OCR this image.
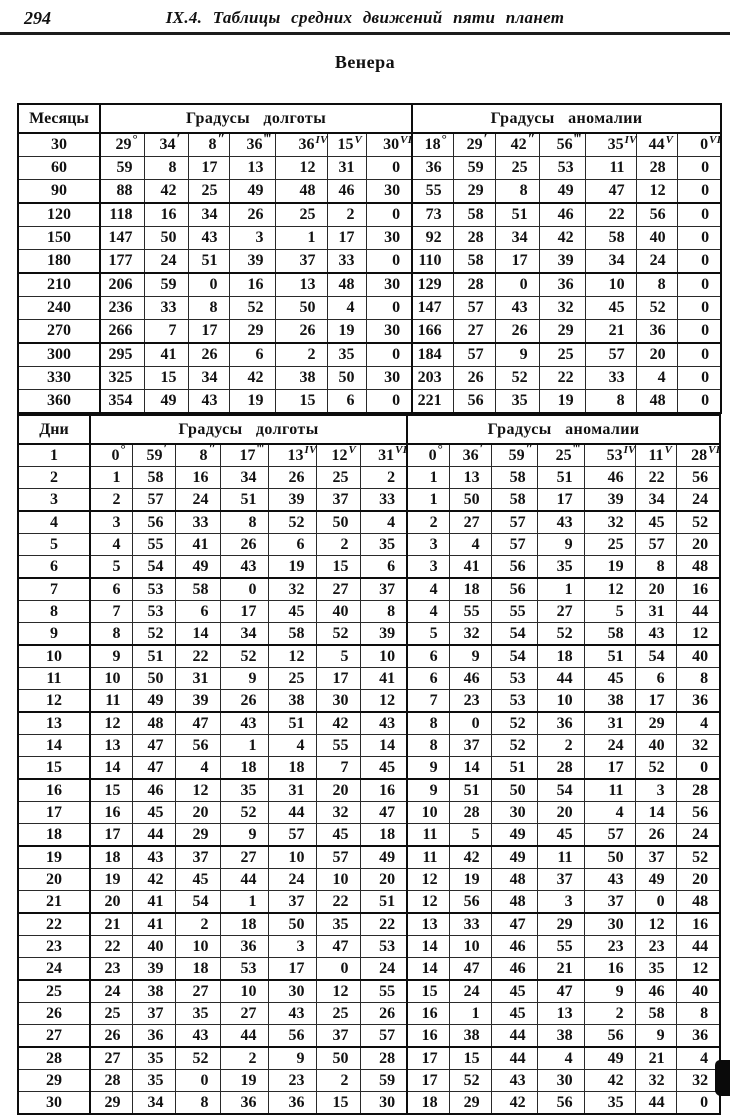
294	IX.4. Таблицы средних движений пяти планет
Венера
Месяцы	Градусы долготы							Градусы аномалии						
30	29°	34′	8″	36‴	$36^{IV}$	$15^V$	$30^{VI}$	18°	29′	42″	56‴	$35^{IV}$	$44^V$	$0^{VI}$
60	59	8	17	13	12	31	0	36	59	25	53	11	28	0
90	88	42	25	49	48	46	30	55	29	8	49	47	12	0
120	118	16	34	26	25	2	0	73	58	51	46	22	56	0
150	147	50	43	3	1	17	30	92	28	34	42	58	40	0
180	177	24	51	39	37	33	0	110	58	17	39	34	24	0
210	206	59	0	16	13	48	30	129	28	0	36	10	8	0
240	236	33	8	52	50	4	0	147	57	43	32	45	52	0
270	266	7	17	29	26	19	30	166	27	26	29	21	36	0
300	295	41	26	6	2	35	0	184	57	9	25	57	20	0
330	325	15	34	42	38	50	30	203	26	52	22	33	4	0
360	354	49	43	19	15	6	0	221	56	35	19	8	48	0
Дни	Градусы долготы							Градусы аномалии						
1	0°	59′	8″	17‴	$13^{IV}$	$12^V$	$31^{VI}$	0°	36′	59″	25‴	$53^{IV}$	$11^V$	$28^{VI}$
2	1	58	16	34	26	25	2	1	13	58	51	46	22	56
3	2	57	24	51	39	37	33	1	50	58	17	39	34	24
4	3	56	33	8	52	50	4	2	27	57	43	32	45	52
5	4	55	41	26	6	2	35	3	4	57	9	25	57	20
6	5	54	49	43	19	15	6	3	41	56	35	19	8	48
7	6	53	58	0	32	27	37	4	18	56	1	12	20	16
8	7	53	6	17	45	40	8	4	55	55	27	5	31	44
9	8	52	14	34	58	52	39	5	32	54	52	58	43	12
10	9	51	22	52	12	5	10	6	9	54	18	51	54	40
11	10	50	31	9	25	17	41	6	46	53	44	45	6	8
12	11	49	39	26	38	30	12	7	23	53	10	38	17	36
13	12	48	47	43	51	42	43	8	0	52	36	31	29	4
14	13	47	56	1	4	55	14	8	37	52	2	24	40	32
15	14	47	4	18	18	7	45	9	14	51	28	17	52	0
16	15	46	12	35	31	20	16	9	51	50	54	11	3	28
17	16	45	20	52	44	32	47	10	28	30	20	4	14	56
18	17	44	29	9	57	45	18	11	5	49	45	57	26	24
19	18	43	37	27	10	57	49	11	42	49	11	50	37	52
20	19	42	45	44	24	10	20	12	19	48	37	43	49	20
21	20	41	54	1	37	22	51	12	56	48	3	37	0	48
22	21	41	2	18	50	35	22	13	33	47	29	30	12	16
23	22	40	10	36	3	47	53	14	10	46	55	23	23	44
24	23	39	18	53	17	0	24	14	47	46	21	16	35	12
25	24	38	27	10	30	12	55	15	24	45	47	9	46	40
26	25	37	35	27	43	25	26	16	1	45	13	2	58	8
27	26	36	43	44	56	37	57	16	38	44	38	56	9	36
28	27	35	52	2	9	50	28	17	15	44	4	49	21	4
29	28	35	0	19	23	2	59	17	52	43	30	42	32	32
30	29	34	8	36	36	15	30	18	29	42	56	35	44	0
